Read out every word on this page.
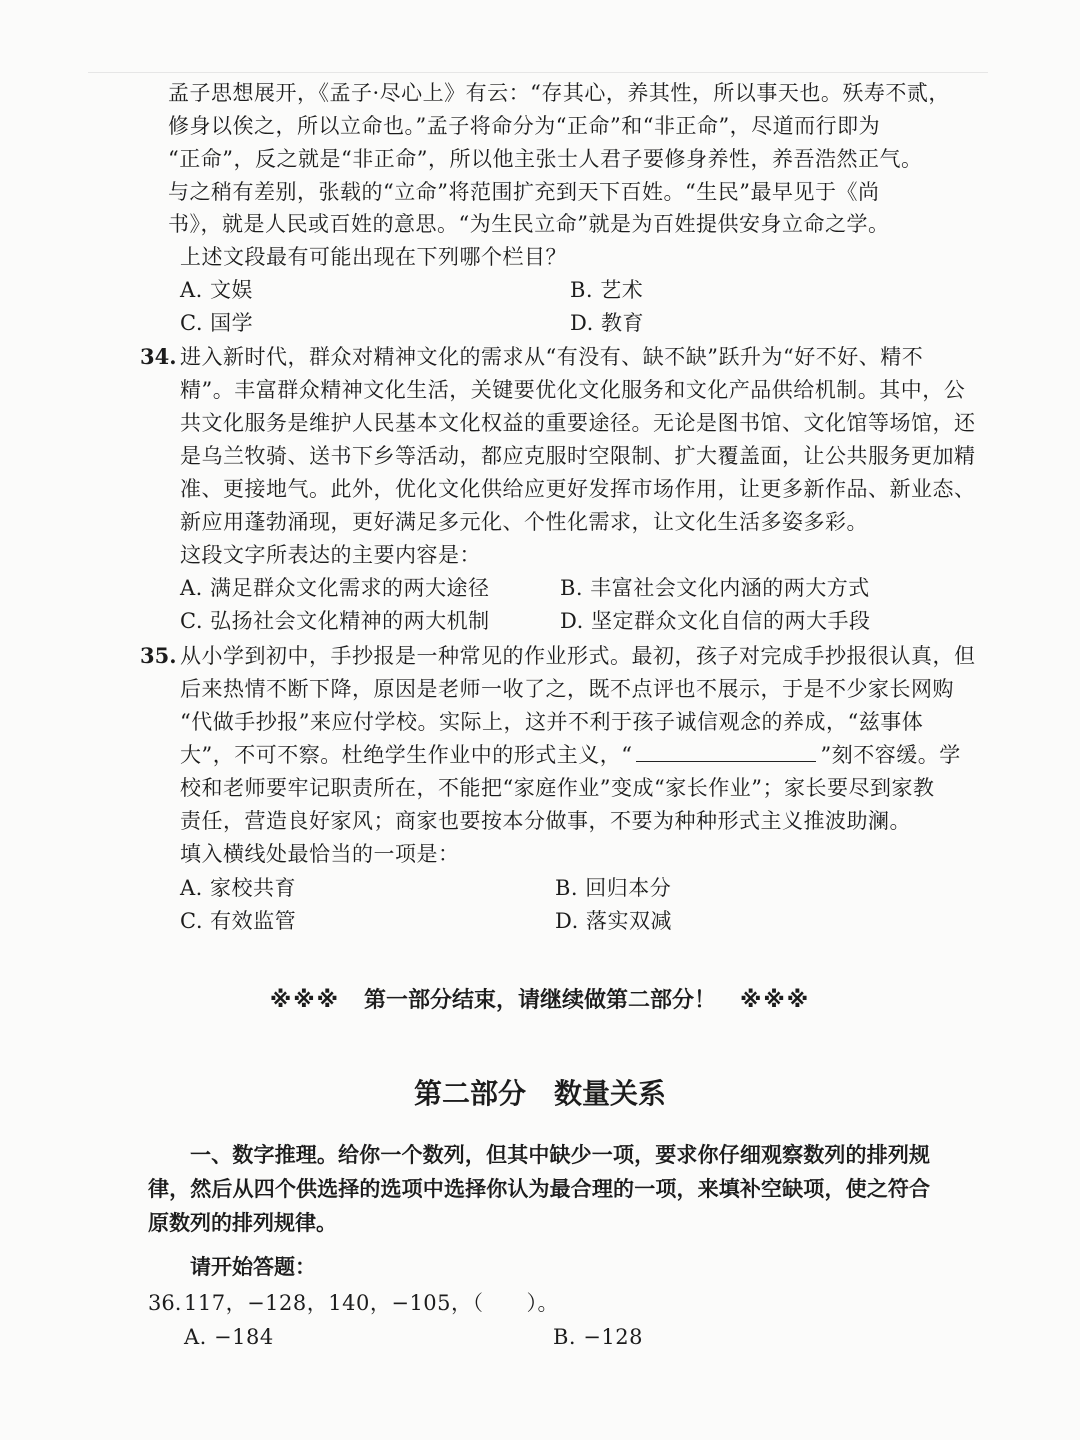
孟子思想展开，《孟子·尽心上》有云：“存其心，养其性，所以事天也。殀寿不贰，
修身以俟之，所以立命也。”孟子将命分为“正命”和“非正命”，尽道而行即为
“正命”，反之就是“非正命”，所以他主张士人君子要修身养性，养吾浩然正气。
与之稍有差别，张载的“立命”将范围扩充到天下百姓。“生民”最早见于《尚
书》，就是人民或百姓的意思。“为生民立命”就是为百姓提供安身立命之学。
上述文段最有可能出现在下列哪个栏目？
A. 文娱	B. 艺术
C. 国学	D. 教育
34. 进入新时代，群众对精神文化的需求从“有没有、缺不缺”跃升为“好不好、精不
精”。丰富群众精神文化生活，关键要优化文化服务和文化产品供给机制。其中，公
共文化服务是维护人民基本文化权益的重要途径。无论是图书馆、文化馆等场馆，还
是乌兰牧骑、送书下乡等活动，都应克服时空限制、扩大覆盖面，让公共服务更加精
准、更接地气。此外，优化文化供给应更好发挥市场作用，让更多新作品、新业态、
新应用蓬勃涌现，更好满足多元化、个性化需求，让文化生活多姿多彩。
这段文字所表达的主要内容是：
A. 满足群众文化需求的两大途径	B. 丰富社会文化内涵的两大方式
C. 弘扬社会文化精神的两大机制	D. 坚定群众文化自信的两大手段
35. 从小学到初中，手抄报是一种常见的作业形式。最初，孩子对完成手抄报很认真，但
后来热情不断下降，原因是老师一收了之，既不点评也不展示，于是不少家长网购
“代做手抄报”来应付学校。实际上，这并不利于孩子诚信观念的养成，“兹事体
大”，不可不察。杜绝学生作业中的形式主义，“	”刻不容缓。学
校和老师要牢记职责所在，不能把“家庭作业”变成“家长作业”；家长要尽到家教
责任，营造良好家风；商家也要按本分做事，不要为种种形式主义推波助澜。
填入横线处最恰当的一项是：
A. 家校共育	B. 回归本分
C. 有效监管	D. 落实双减
※※※ 第一部分结束，请继续做第二部分！ ※※※
第二部分　数量关系
一、数字推理。给你一个数列，但其中缺少一项，要求你仔细观察数列的排列规律，然后从四个供选择的选项中选择你认为最合理的一项，来填补空缺项，使之符合原数列的排列规律。
请开始答题：
36. 117，−128，140，−105，（　　）。
A. −184	B. −128
